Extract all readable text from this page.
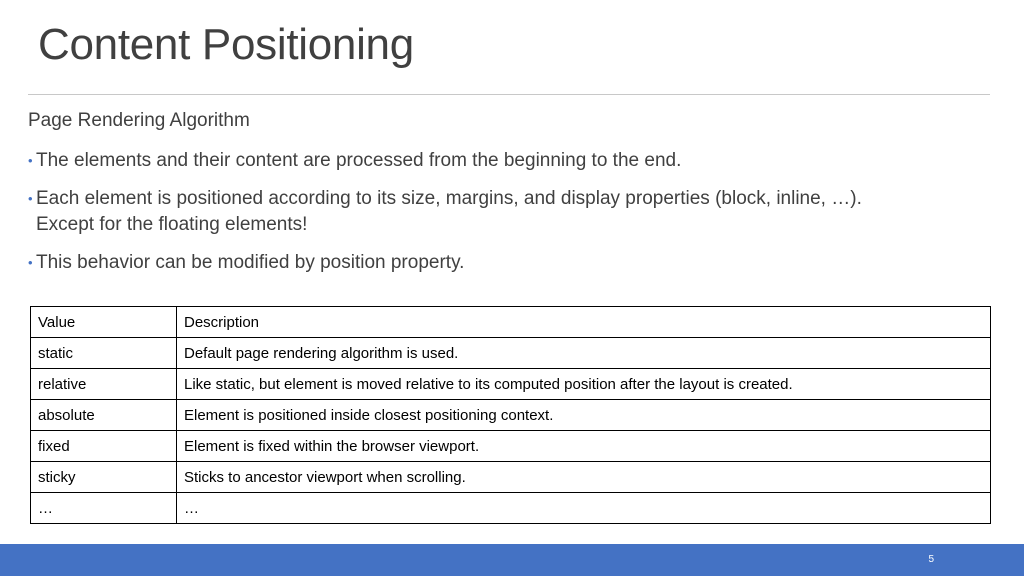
Content Positioning
Page Rendering Algorithm
• The elements and their content are processed from the beginning to the end.
• Each element is positioned according to its size, margins, and display properties (block, inline, …).
Except for the floating elements!
• This behavior can be modified by position property.
Value	Description
static	Default page rendering algorithm is used.
relative	Like static, but element is moved relative to its computed position after the layout is created.
absolute	Element is positioned inside closest positioning context.
fixed	Element is fixed within the browser viewport.
sticky	Sticks to ancestor viewport when scrolling.
…	…
5
